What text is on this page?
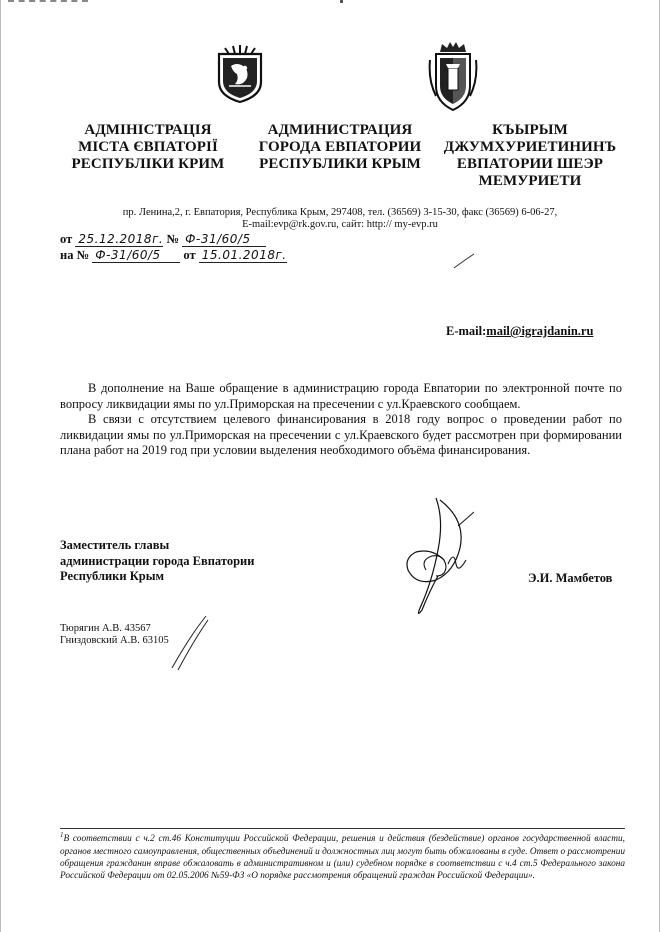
АДМІНІСТРАЦІЯ
МІСТА ЄВПАТОРІЇ
РЕСПУБЛІКИ КРИМ
АДМИНИСТРАЦИЯ
ГОРОДА ЕВПАТОРИИ
РЕСПУБЛИКИ КРЫМ
КЪЫРЫМ
ДЖУМХУРИЕТИНИНЪ
ЕВПАТОРИИ ШЕЭР
МЕМУРИЕТИ
пр. Ленина,2, г. Евпатория, Республика Крым, 297408, тел. (36569) 3-15-30, факс (36569) 6-06-27,
E-mail:evp@rk.gov.ru, сайт: http:// my-evp.ru
от 25.12.2018г. № Ф-31/60/5
на № Ф-31/60/5 от 15.01.2018г.
E-mail:mail@igrajdanin.ru

В дополнение на Ваше обращение в администрацию города Евпатории по электронной почте по вопросу ликвидации ямы по ул.Приморская на пресечении с ул.Краевского сообщаем.

В связи с отсутствием целевого финансирования в 2018 году вопрос о проведении работ по ликвидации ямы по ул.Приморская на пресечении с ул.Краевского будет рассмотрен при формировании плана работ на 2019 год при условии выделения необходимого объёма финансирования.

Заместитель главы
администрации города Евпатории
Республики Крым	Э.И. Мамбетов
Тюрягин А.В. 43567
Гниздовский А.В. 63105
$^1$В соответствии с ч.2 ст.46 Конституции Российской Федерации, решения и действия (бездействие) органов государственной власти, органов местного самоуправления, общественных объединений и должностных лиц могут быть обжалованы в суде. Ответ о рассмотрении обращения гражданин вправе обжаловать в административном и (или) судебном порядке в соответствии с ч.4 ст.5 Федерального закона Российской Федерации от 02.05.2006 №59-ФЗ «О порядке рассмотрения обращений граждан Российской Федерации».
